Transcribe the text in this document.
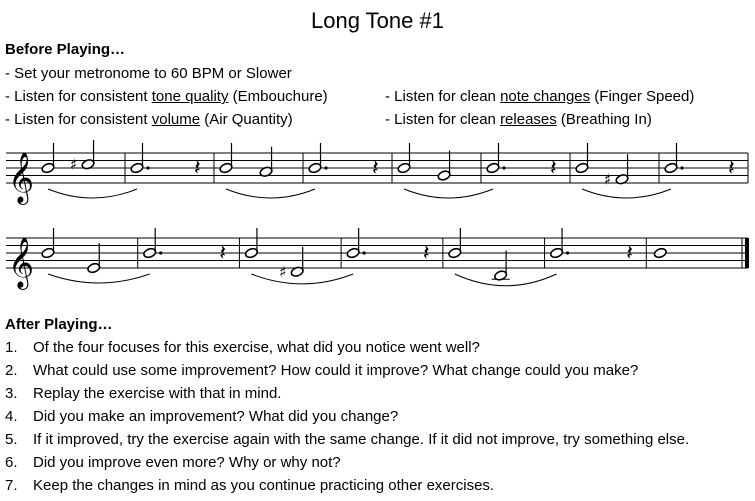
Long Tone #1
Before Playing…
- Set your metronome to 60 BPM or Slower
- Listen for consistent tone quality (Embouchure)
- Listen for consistent volume (Air Quantity)
- Listen for clean note changes (Finger Speed)
- Listen for clean releases (Breathing In)
𝄞 ♯	𝄽	𝄽	𝄽	♯	𝄽
𝄞	𝄽
♯
𝄽	𝄽
After Playing…
1. Of the four focuses for this exercise, what did you notice went well?
2. What could use some improvement? How could it improve? What change could you make?
3. Replay the exercise with that in mind.
4. Did you make an improvement? What did you change?
5. If it improved, try the exercise again with the same change. If it did not improve, try something else.
6. Did you improve even more? Why or why not?
7. Keep the changes in mind as you continue practicing other exercises.
